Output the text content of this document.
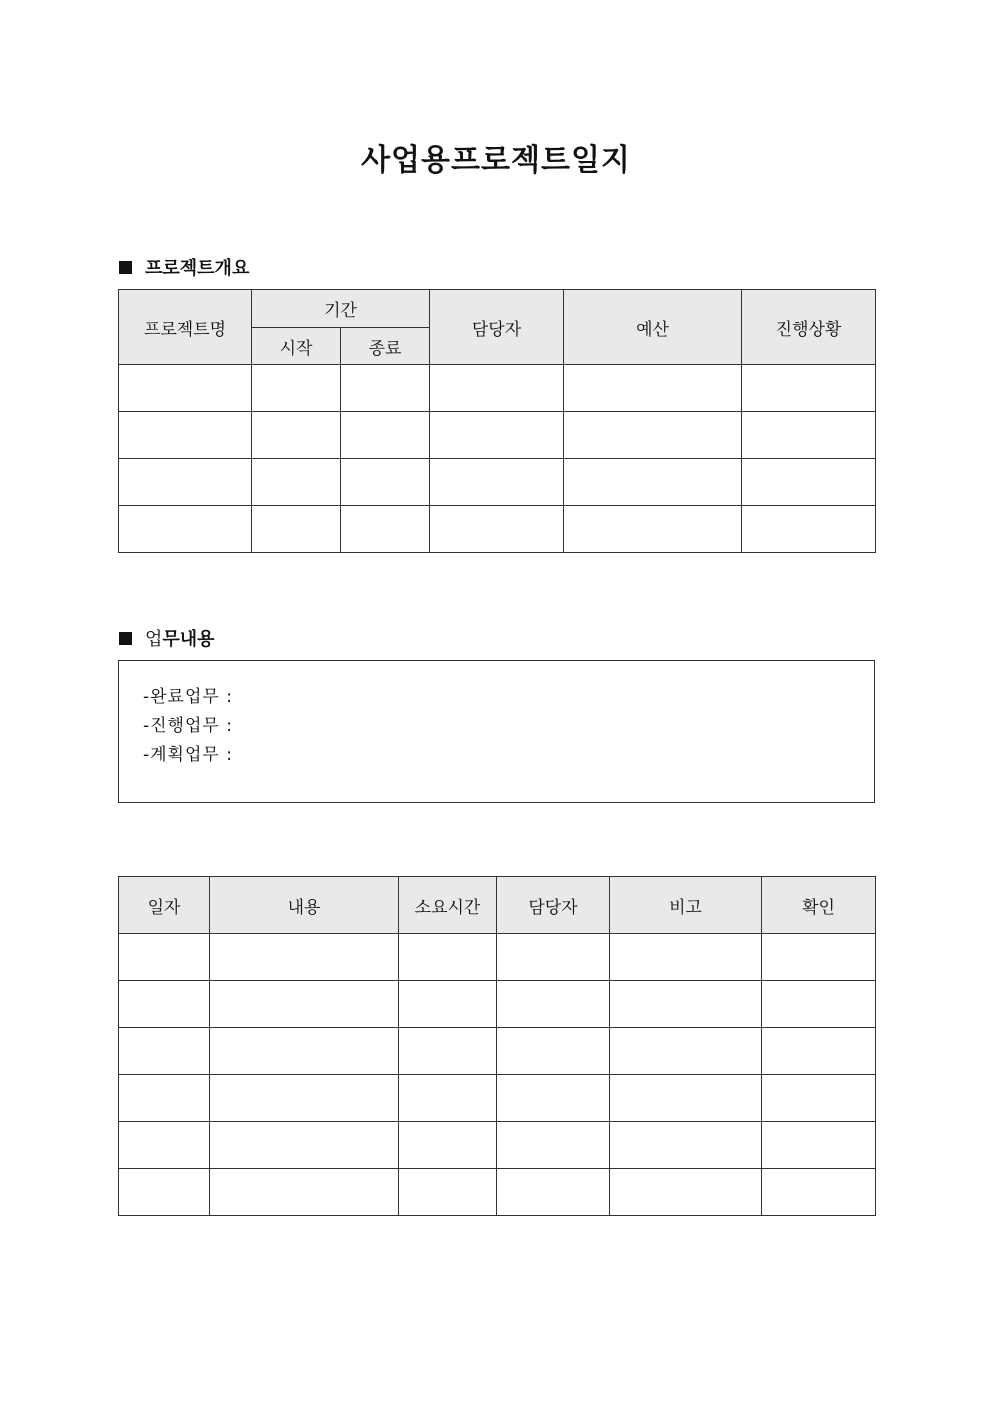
사업용프로젝트일지
프로젝트개요
프로젝트명	기간		담당자	예산	진행상황
	시작	종료			

업 무내용
-완료업무 :
-진행업무 :
-계획업무 :
일자	내용	소요시간	담당자	비고	확인
